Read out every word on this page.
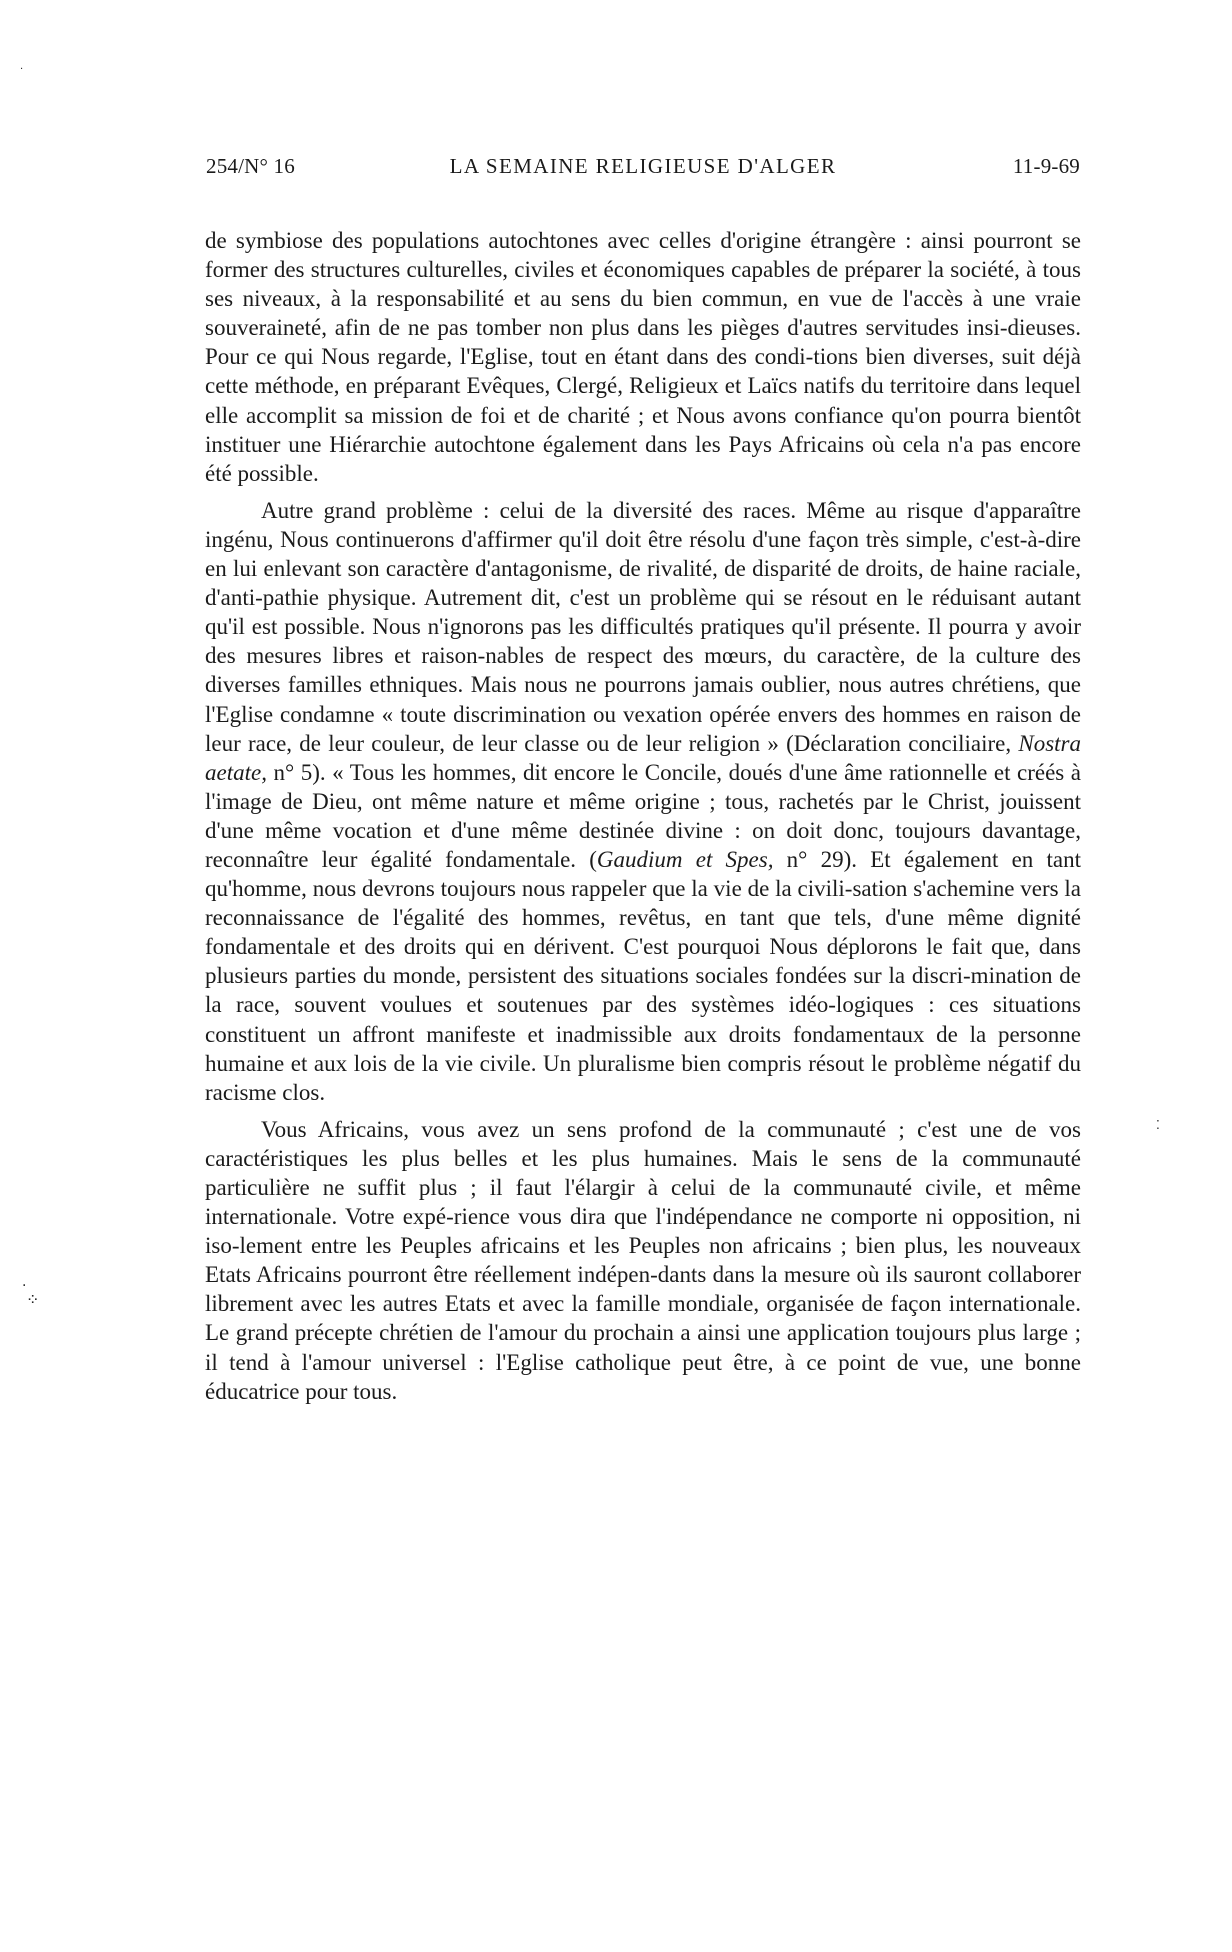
254/N° 16	LA SEMAINE RELIGIEUSE D'ALGER	11-9-69

de symbiose des populations autochtones avec celles d'origine étrangère : ainsi pourront se former des structures culturelles, civiles et économiques capables de préparer la société, à tous ses niveaux, à la responsabilité et au sens du bien commun, en vue de l'accès à une vraie souveraineté, afin de ne pas tomber non plus dans les pièges d'autres servitudes insi-dieuses. Pour ce qui Nous regarde, l'Eglise, tout en étant dans des condi-tions bien diverses, suit déjà cette méthode, en préparant Evêques, Clergé, Religieux et Laïcs natifs du territoire dans lequel elle accomplit sa mission de foi et de charité ; et Nous avons confiance qu'on pourra bientôt instituer une Hiérarchie autochtone également dans les Pays Africains où cela n'a pas encore été possible.

Autre grand problème : celui de la diversité des races. Même au risque d'apparaître ingénu, Nous continuerons d'affirmer qu'il doit être résolu d'une façon très simple, c'est-à-dire en lui enlevant son caractère d'antagonisme, de rivalité, de disparité de droits, de haine raciale, d'anti-pathie physique. Autrement dit, c'est un problème qui se résout en le réduisant autant qu'il est possible. Nous n'ignorons pas les difficultés pratiques qu'il présente. Il pourra y avoir des mesures libres et raison-nables de respect des mœurs, du caractère, de la culture des diverses familles ethniques. Mais nous ne pourrons jamais oublier, nous autres chrétiens, que l'Eglise condamne « toute discrimination ou vexation opérée envers des hommes en raison de leur race, de leur couleur, de leur classe ou de leur religion » (Déclaration conciliaire, Nostra aetate, n° 5). « Tous les hommes, dit encore le Concile, doués d'une âme rationnelle et créés à l'image de Dieu, ont même nature et même origine ; tous, rachetés par le Christ, jouissent d'une même vocation et d'une même destinée divine : on doit donc, toujours davantage, reconnaître leur égalité fondamentale. (Gaudium et Spes, n° 29). Et également en tant qu'homme, nous devrons toujours nous rappeler que la vie de la civili-sation s'achemine vers la reconnaissance de l'égalité des hommes, revêtus, en tant que tels, d'une même dignité fondamentale et des droits qui en dérivent. C'est pourquoi Nous déplorons le fait que, dans plusieurs parties du monde, persistent des situations sociales fondées sur la discri-mination de la race, souvent voulues et soutenues par des systèmes idéo-logiques : ces situations constituent un affront manifeste et inadmissible aux droits fondamentaux de la personne humaine et aux lois de la vie civile. Un pluralisme bien compris résout le problème négatif du racisme clos.

Vous Africains, vous avez un sens profond de la communauté ; c'est une de vos caractéristiques les plus belles et les plus humaines. Mais le sens de la communauté particulière ne suffit plus ; il faut l'élargir à celui de la communauté civile, et même internationale. Votre expé-rience vous dira que l'indépendance ne comporte ni opposition, ni iso-lement entre les Peuples africains et les Peuples non africains ; bien plus, les nouveaux Etats Africains pourront être réellement indépen-dants dans la mesure où ils sauront collaborer librement avec les autres Etats et avec la famille mondiale, organisée de façon internationale. Le grand précepte chrétien de l'amour du prochain a ainsi une application toujours plus large ; il tend à l'amour universel : l'Eglise catholique peut être, à ce point de vue, une bonne éducatrice pour tous.

·
·
⁘
⁚
